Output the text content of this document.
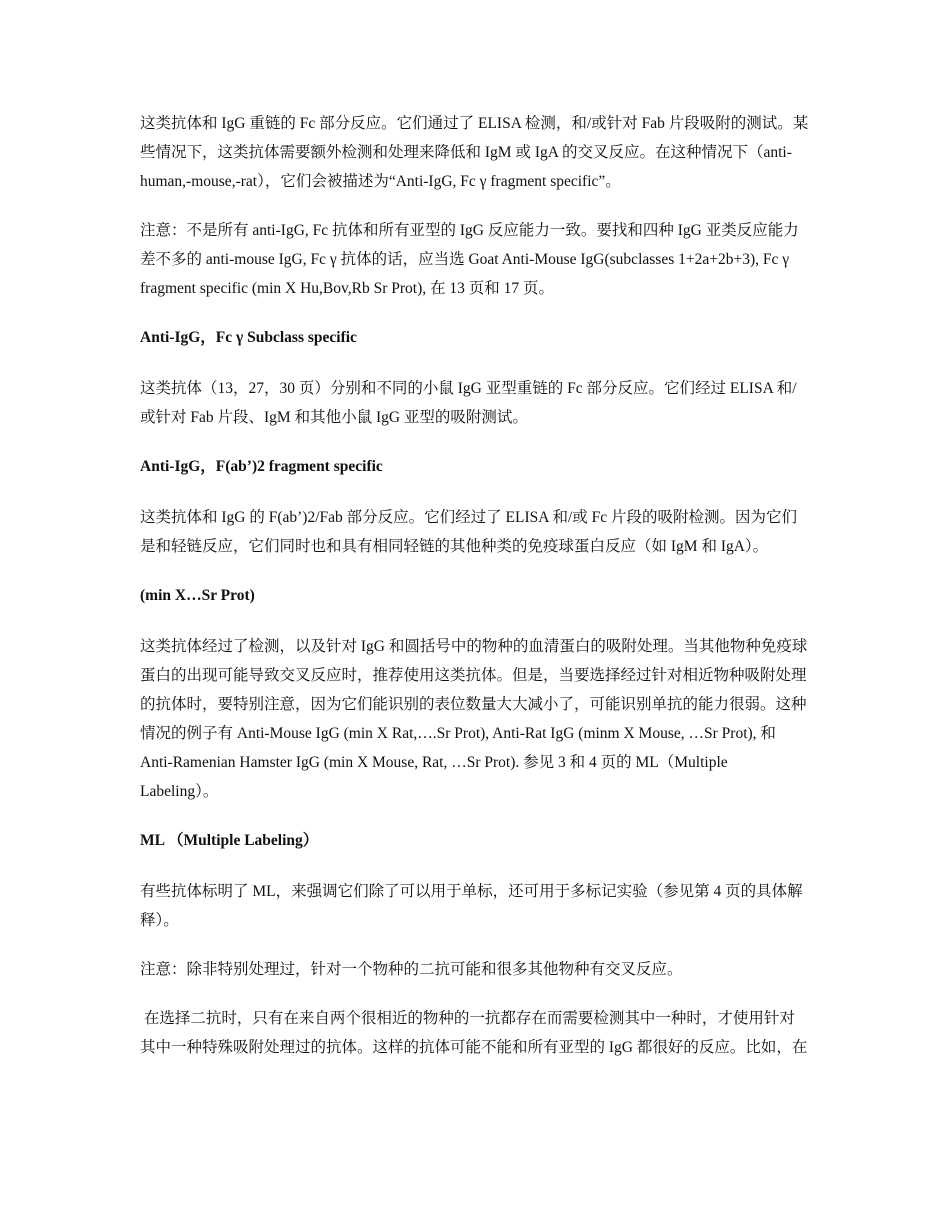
这类抗体和 IgG 重链的 Fc 部分反应。它们通过了 ELISA 检测，和/或针对 Fab 片段吸附的测试。某
些情况下，这类抗体需要额外检测和处理来降低和 IgM 或 IgA 的交叉反应。在这种情况下（anti-
human,-mouse,-rat），它们会被描述为“Anti-IgG, Fc γ fragment specific”。

注意：不是所有 anti-IgG, Fc 抗体和所有亚型的 IgG 反应能力一致。要找和四种 IgG 亚类反应能力
差不多的 anti-mouse IgG, Fc γ 抗体的话，应当选 Goat Anti-Mouse IgG(subclasses 1+2a+2b+3), Fc γ
fragment specific (min X Hu,Bov,Rb Sr Prot), 在 13 页和 17 页。

Anti-IgG，Fc γ Subclass specific

这类抗体（13，27，30 页）分别和不同的小鼠 IgG 亚型重链的 Fc 部分反应。它们经过 ELISA 和/
或针对 Fab 片段、IgM 和其他小鼠 IgG 亚型的吸附测试。

Anti-IgG，F(ab’)2 fragment specific

这类抗体和 IgG 的 F(ab’)2/Fab 部分反应。它们经过了 ELISA 和/或 Fc 片段的吸附检测。因为它们
是和轻链反应，它们同时也和具有相同轻链的其他种类的免疫球蛋白反应（如 IgM 和 IgA）。

(min X…Sr Prot)

这类抗体经过了检测，以及针对 IgG 和圆括号中的物种的血清蛋白的吸附处理。当其他物种免疫球
蛋白的出现可能导致交叉反应时，推荐使用这类抗体。但是，当要选择经过针对相近物种吸附处理
的抗体时，要特别注意，因为它们能识别的表位数量大大减小了，可能识别单抗的能力很弱。这种
情况的例子有 Anti-Mouse IgG (min X Rat,….Sr Prot), Anti-Rat IgG (minm X Mouse, …Sr Prot), 和
Anti-Ramenian Hamster IgG (min X Mouse, Rat, …Sr Prot). 参见 3 和 4 页的 ML（Multiple
Labeling）。

ML （Multiple Labeling）

有些抗体标明了 ML，来强调它们除了可以用于单标，还可用于多标记实验（参见第 4 页的具体解
释）。

注意：除非特别处理过，针对一个物种的二抗可能和很多其他物种有交叉反应。

在选择二抗时，只有在来自两个很相近的物种的一抗都存在而需要检测其中一种时，才使用针对
其中一种特殊吸附处理过的抗体。这样的抗体可能不能和所有亚型的 IgG 都很好的反应。比如，在
